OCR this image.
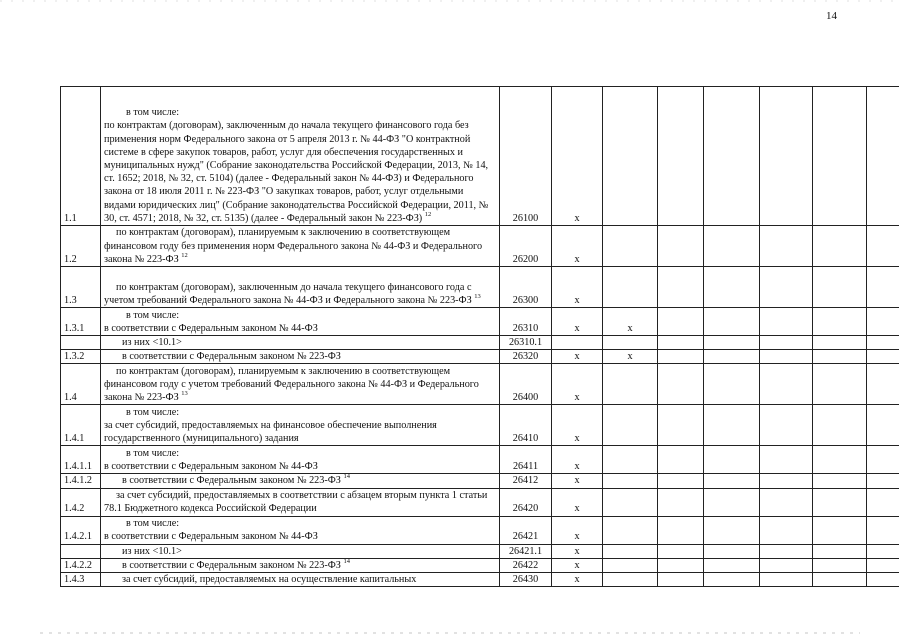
14
1.1	в том числе:
по контрактам (договорам), заключенным до начала текущего финансового года без применения норм Федерального закона от 5 апреля 2013 г. № 44-ФЗ "О контрактной системе в сфере закупок товаров, работ, услуг для обеспечения государственных и муниципальных нужд" (Собрание законодательства Российской Федерации, 2013, № 14, ст. 1652; 2018, № 32, ст. 5104) (далее - Федеральный закон № 44-ФЗ) и Федерального закона от 18 июля 2011 г. № 223-ФЗ "О закупках товаров, работ, услуг отдельными видами юридических лиц" (Собрание законодательства Российской Федерации, 2011, № 30, ст. 4571; 2018, № 32, ст. 5135) (далее - Федеральный закон № 223-ФЗ) $^{12}$	26100	x						
1.2	по контрактам (договорам), планируемым к заключению в соответствующем финансовом году без применения норм Федерального закона № 44-ФЗ и Федерального закона № 223-ФЗ $^{12}$	26200	x						
1.3	по контрактам (договорам), заключенным до начала текущего финансового года с учетом требований Федерального закона № 44-ФЗ и Федерального закона № 223-ФЗ $^{13}$	26300	x						
1.3.1	в том числе:
в соответствии с Федеральным законом № 44-ФЗ	26310	x	x					

	из них <10.1>	26310.1							
1.3.2	в соответствии с Федеральным законом № 223-ФЗ	26320	x	x					
1.4	по контрактам (договорам), планируемым к заключению в соответствующем финансовом году с учетом требований Федерального закона № 44-ФЗ и Федерального закона № 223-ФЗ $^{13}$	26400	x						
1.4.1	в том числе:
за счет субсидий, предоставляемых на финансовое обеспечение выполнения государственного (муниципального) задания	26410	x						
1.4.1.1	в том числе:
в соответствии с Федеральным законом № 44-ФЗ	26411	x						
1.4.1.2	в соответствии с Федеральным законом № 223-ФЗ $^{14}$	26412	x						
1.4.2	за счет субсидий, предоставляемых в соответствии с абзацем вторым пункта 1 статьи 78.1 Бюджетного кодекса Российской Федерации	26420	x						
1.4.2.1	в том числе:
в соответствии с Федеральным законом № 44-ФЗ	26421	x						

	из них <10.1>	26421.1	x						
1.4.2.2	в соответствии с Федеральным законом № 223-ФЗ $^{14}$	26422	x						
1.4.3	за счет субсидий, предоставляемых на осуществление капитальных	26430	x						
